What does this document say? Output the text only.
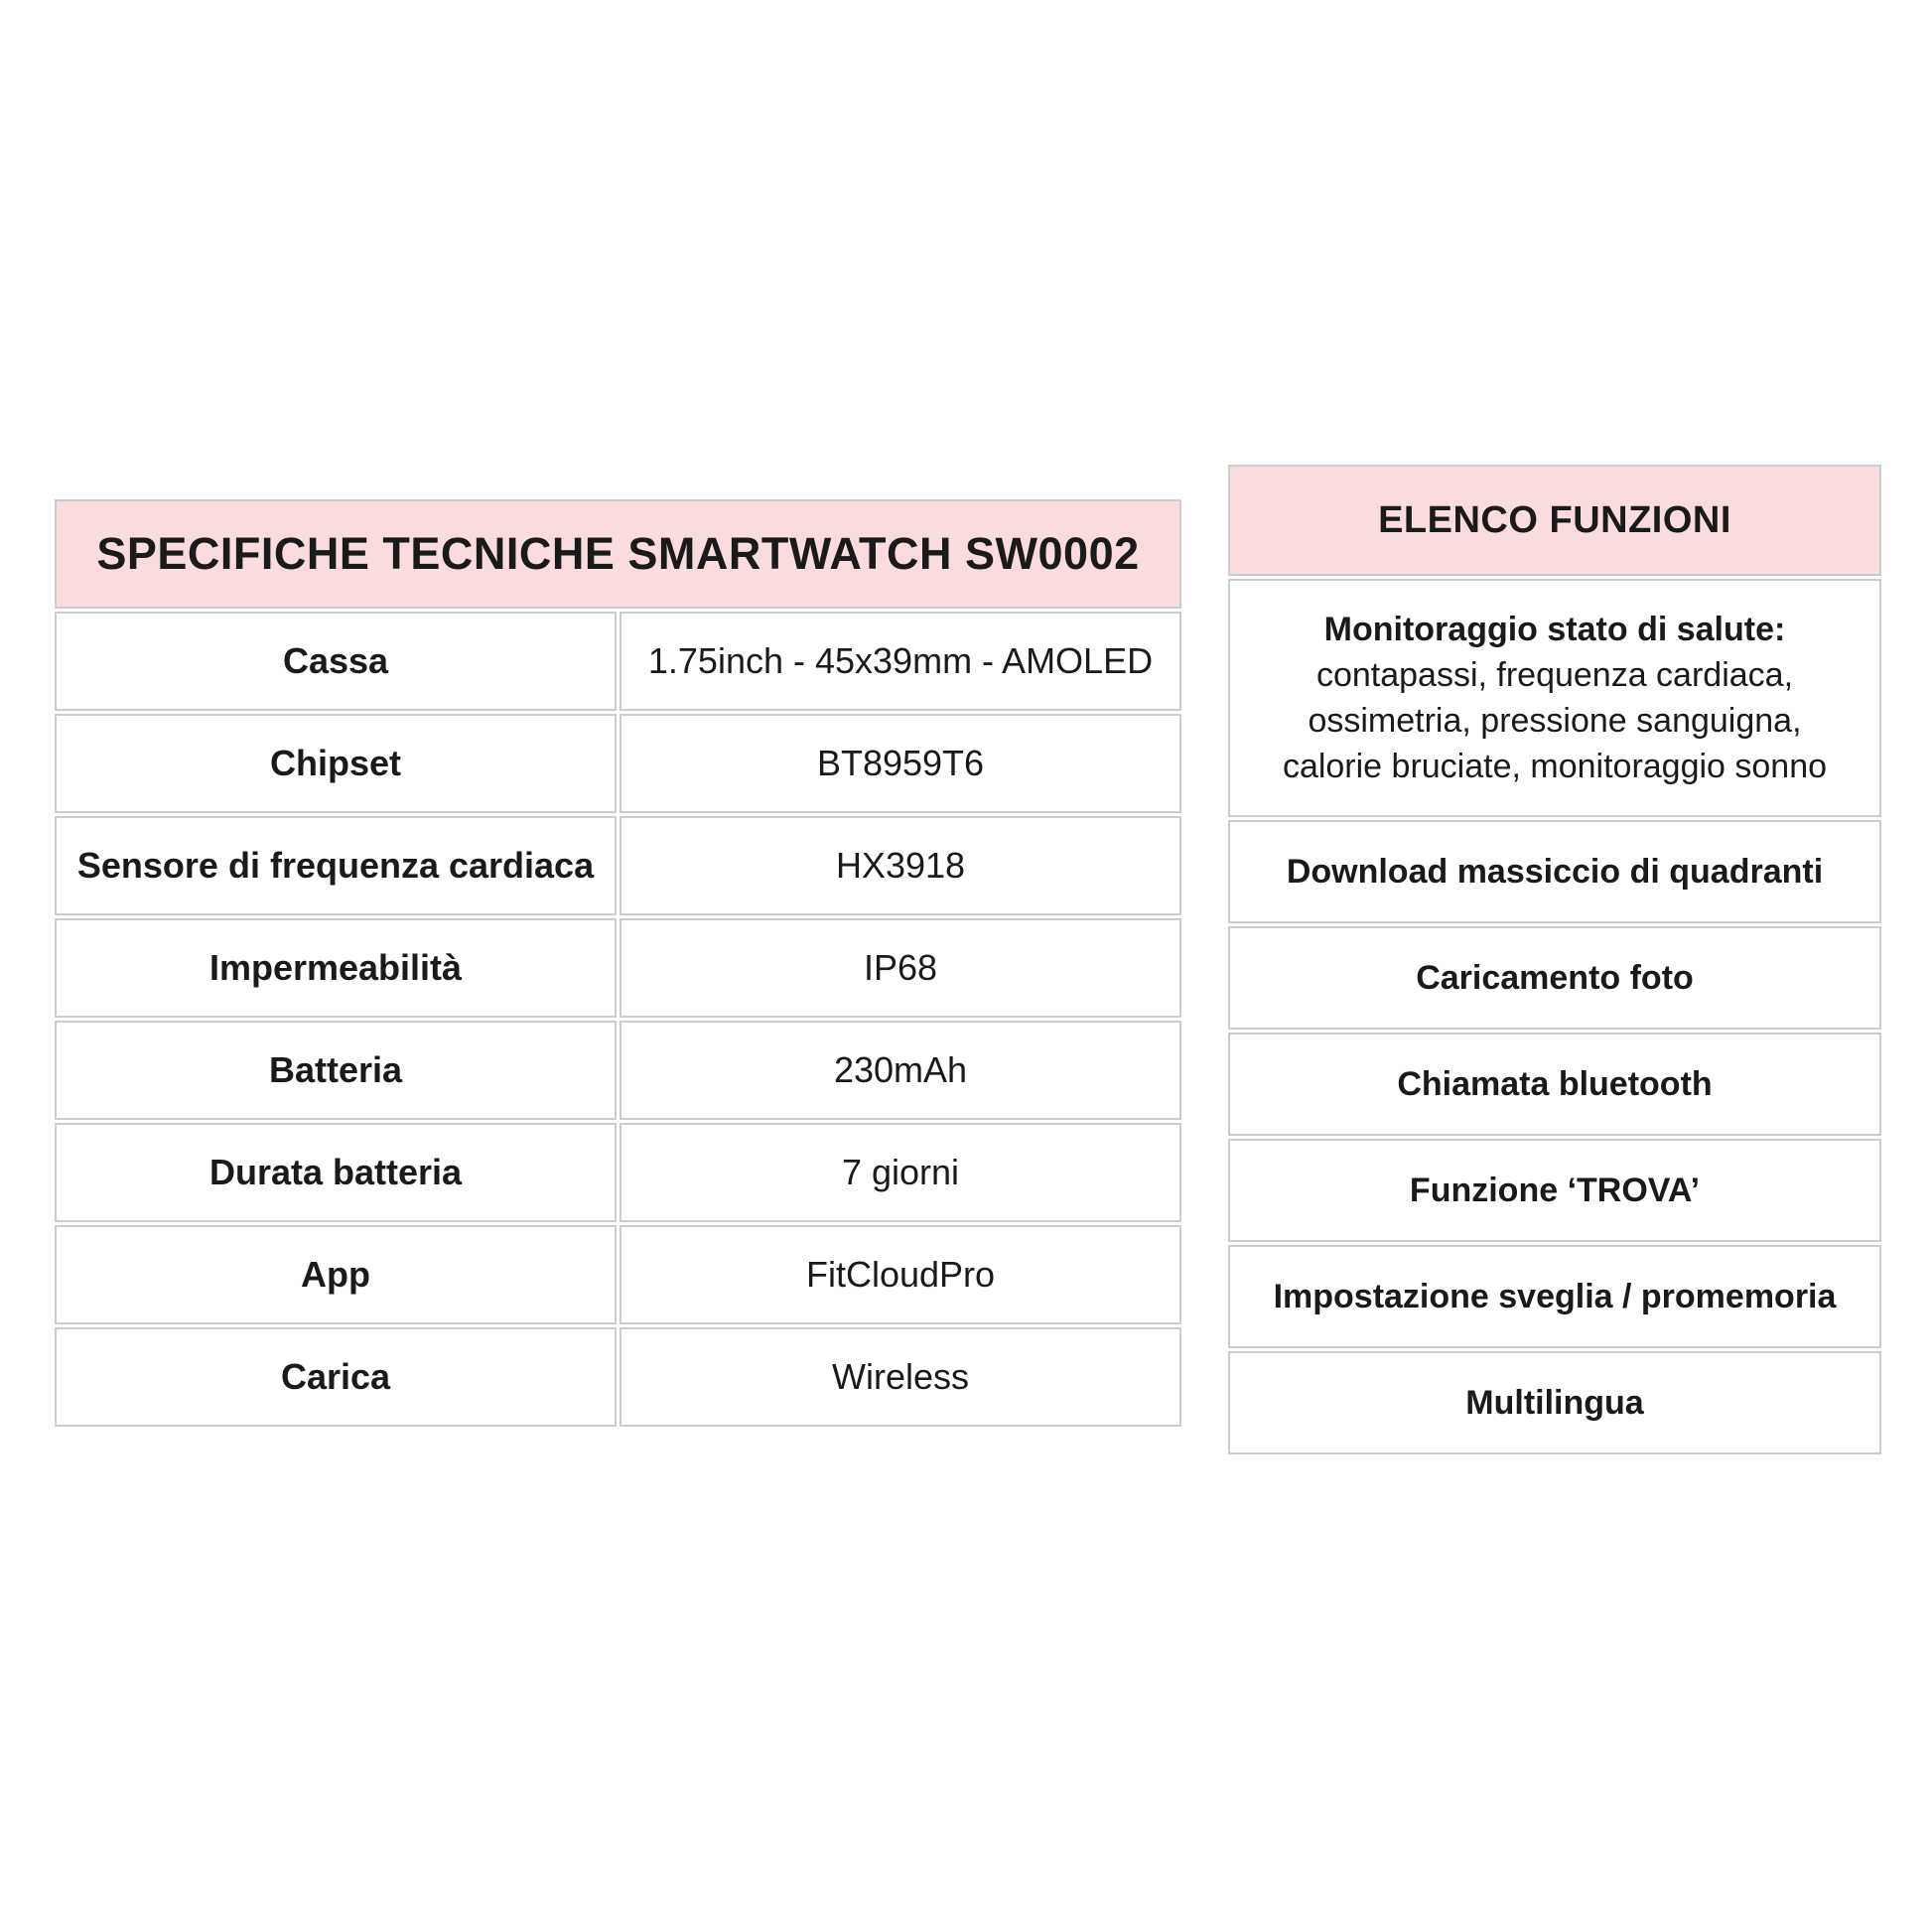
SPECIFICHE TECNICHE SMARTWATCH SW0002
Cassa	1.75inch - 45x39mm - AMOLED
Chipset	BT8959T6
Sensore di frequenza cardiaca	HX3918
Impermeabilità	IP68
Batteria	230mAh
Durata batteria	7 giorni
App	FitCloudPro
Carica	Wireless
ELENCO FUNZIONI
Monitoraggio stato di salute:
contapassi, frequenza cardiaca,
ossimetria, pressione sanguigna,
calorie bruciate, monitoraggio sonno
Download massiccio di quadranti
Caricamento foto
Chiamata bluetooth
Funzione ‘TROVA’
Impostazione sveglia / promemoria
Multilingua
